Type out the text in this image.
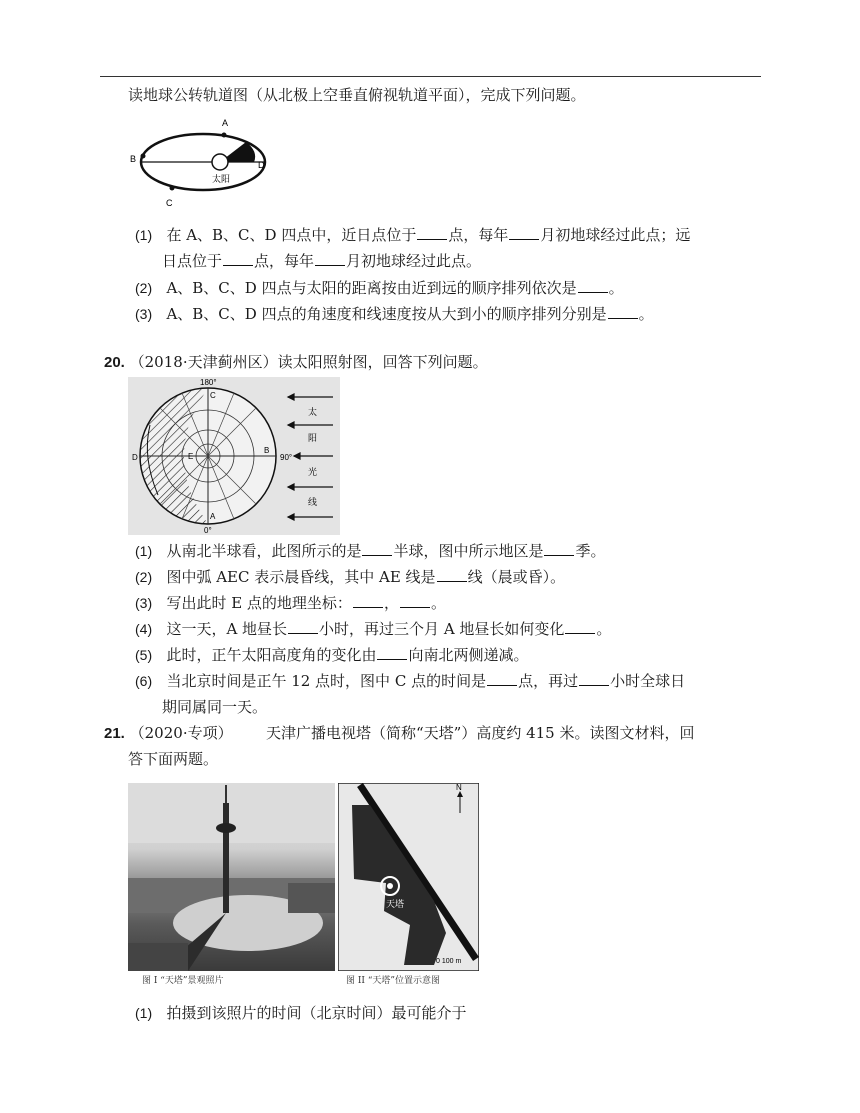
读地球公转轨道图（从北极上空垂直俯视轨道平面），完成下列问题。
A
B
C
D
太阳
(1) 在 A、B、C、D 四点中，近日点位于 点，每年 月初地球经过此点；远
日点位于 点，每年 月初地球经过此点。
(2) A、B、C、D 四点与太阳的距离按由近到远的顺序排列依次是 。
(3) A、B、C、D 四点的角速度和线速度按从大到小的顺序排列分别是 。
20. （2018·天津蓟州区）读太阳照射图，回答下列问题。
180°
0°
90°
C
A
B
D	E
太
阳
光
线
(1) 从南北半球看，此图所示的是 半球，图中所示地区是 季。
(2) 图中弧 AEC 表示晨昏线，其中 AE 线是 线（晨或昏）。
(3) 写出此时 E 点的地理坐标： ， 。
(4) 这一天，A 地昼长 小时，再过三个月 A 地昼长如何变化 。
(5) 此时，正午太阳高度角的变化由 向南北两侧递减。
(6) 当北京时间是正午 12 点时，图中 C 点的时间是 点，再过 小时全球日
期同属同一天。
21. （2020·专项） 天津广播电视塔（简称“天塔”）高度约 415 米。读图文材料，回
答下面两题。
天塔
N
0 100 m
图 I “天塔”景观照片	图 II “天塔”位置示意图
(1) 拍摄到该照片的时间（北京时间）最可能介于
